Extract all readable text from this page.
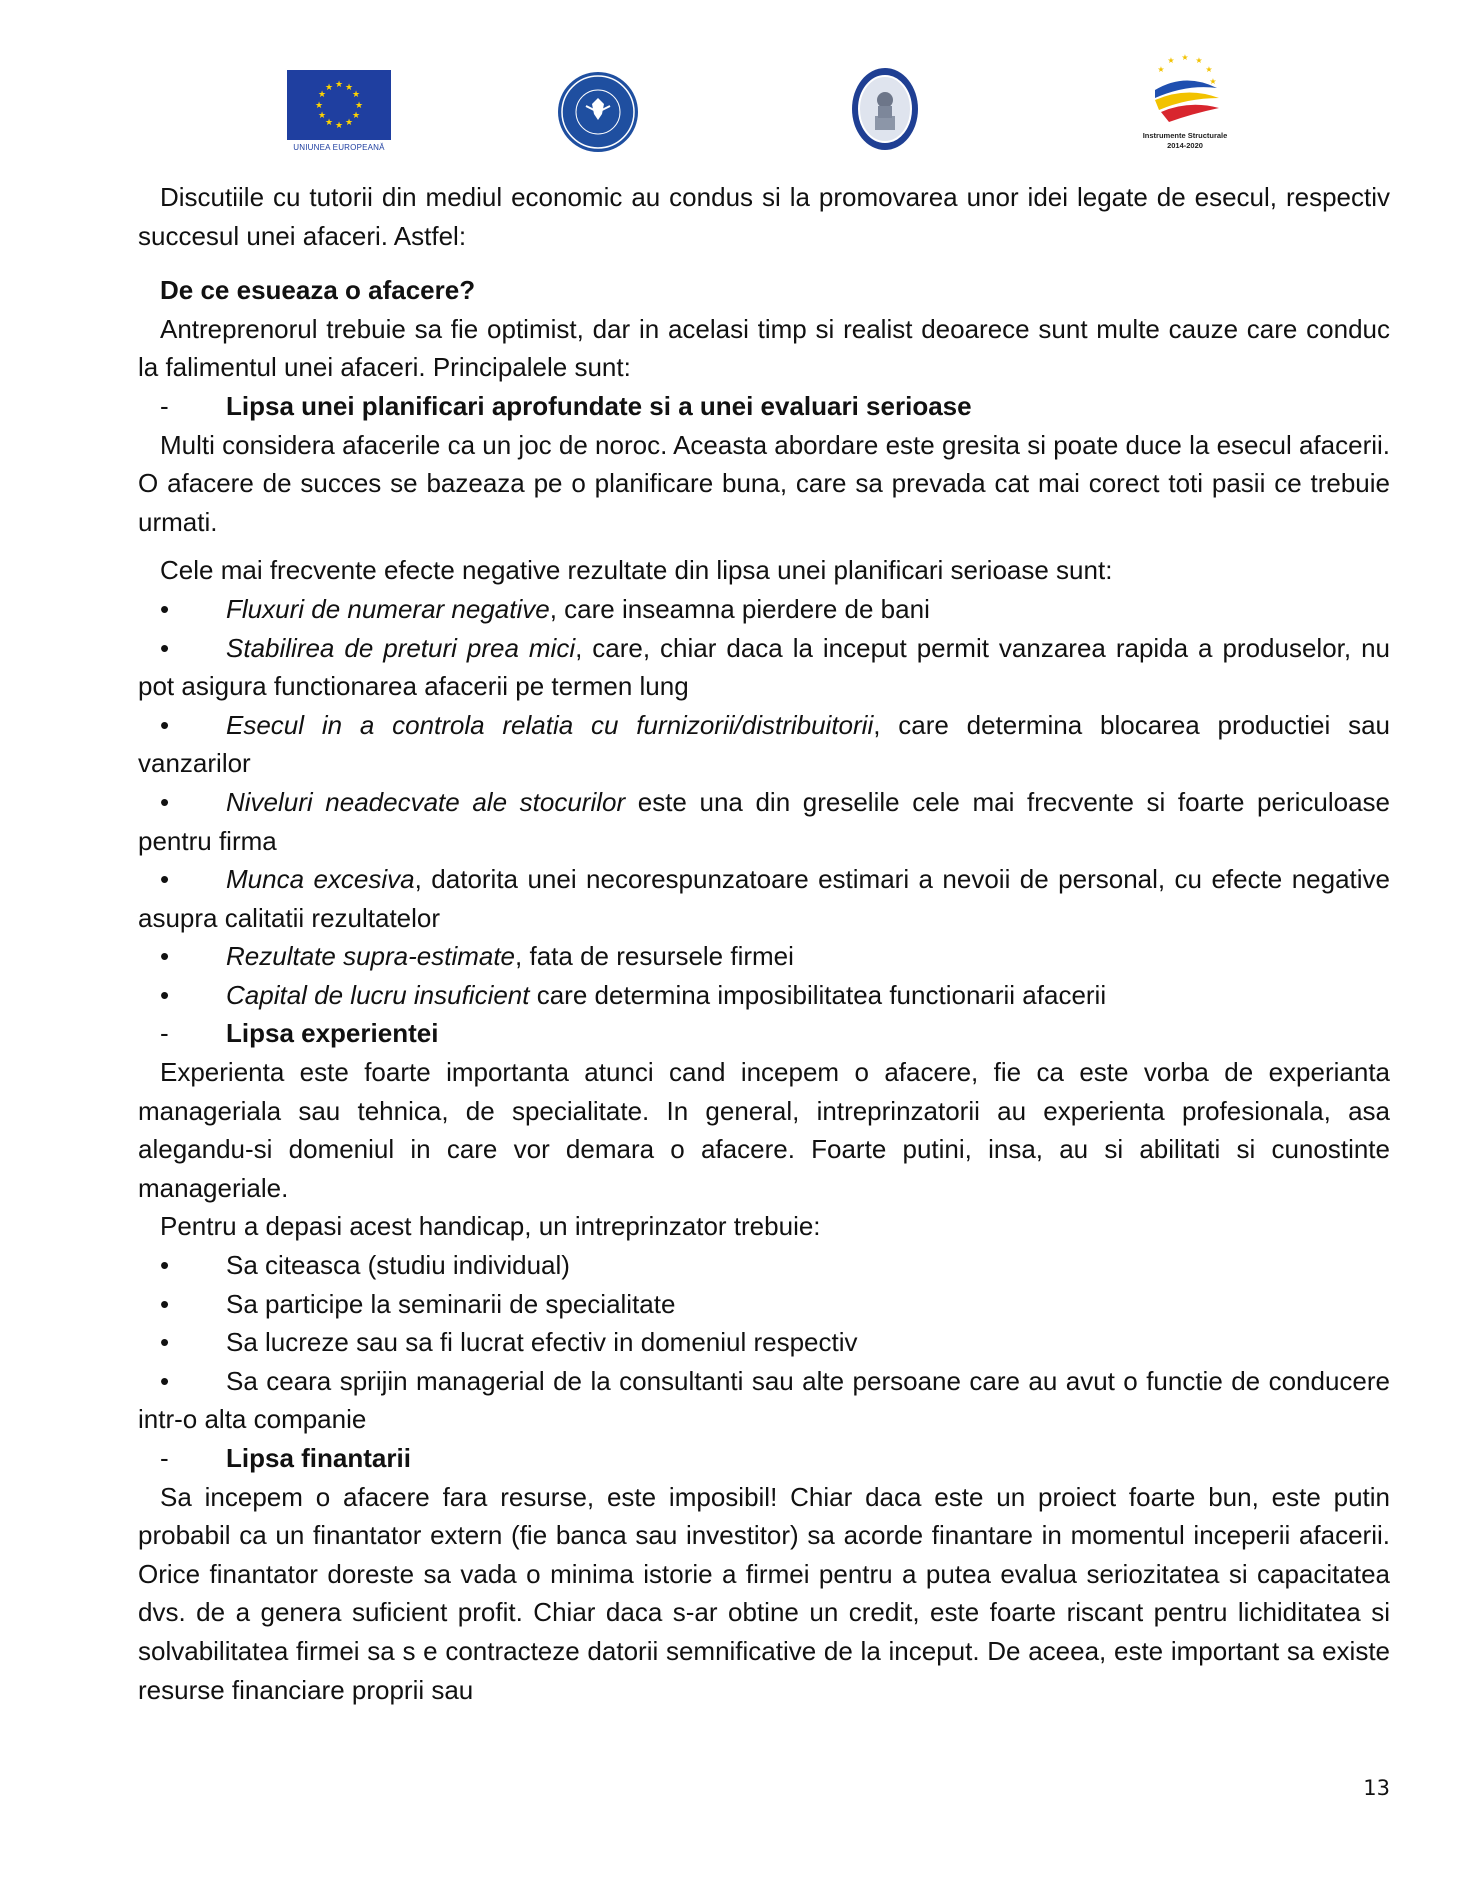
★ ★
★
★
★
★
★
★
★
★
★
★
UNIUNEA EUROPEANĂ
★ ★
★
★
★
★
Instrumente Structurale
2014-2020

Discutiile cu tutorii din mediul economic au condus si la promovarea unor idei legate de esecul, respectiv succesul unei afaceri. Astfel:

De ce esueaza o afacere?

Antreprenorul trebuie sa fie optimist, dar in acelasi timp si realist deoarece sunt multe cauze care conduc la falimentul unei afaceri. Principalele sunt:

-	Lipsa unei planificari aprofundate si a unei evaluari serioase

Multi considera afacerile ca un joc de noroc. Aceasta abordare este gresita si poate duce la esecul afacerii. O afacere de succes se bazeaza pe o planificare buna, care sa prevada cat mai corect toti pasii ce trebuie urmati.

Cele mai frecvente efecte negative rezultate din lipsa unei planificari serioase sunt:

• Fluxuri de numerar negative, care inseamna pierdere de bani

• Stabilirea de preturi prea mici, care, chiar daca la inceput permit vanzarea rapida a produselor, nu pot asigura functionarea afacerii pe termen lung

• Esecul in a controla relatia cu furnizorii/distribuitorii, care determina blocarea productiei sau vanzarilor

• Niveluri neadecvate ale stocurilor este una din greselile cele mai frecvente si foarte periculoase pentru firma

• Munca excesiva, datorita unei necorespunzatoare estimari a nevoii de personal, cu efecte negative asupra calitatii rezultatelor

• Rezultate supra-estimate, fata de resursele firmei

• Capital de lucru insuficient care determina imposibilitatea functionarii afacerii

-	Lipsa experientei

Experienta este foarte importanta atunci cand incepem o afacere, fie ca este vorba de experianta manageriala sau tehnica, de specialitate. In general, intreprinzatorii au experienta profesionala, asa alegandu-si domeniul in care vor demara o afacere. Foarte putini, insa, au si abilitati si cunostinte manageriale.

Pentru a depasi acest handicap, un intreprinzator trebuie:

• Sa citeasca (studiu individual)

• Sa participe la seminarii de specialitate

• Sa lucreze sau sa fi lucrat efectiv in domeniul respectiv

• Sa ceara sprijin managerial de la consultanti sau alte persoane care au avut o functie de conducere intr-o alta companie

-	Lipsa finantarii

Sa incepem o afacere fara resurse, este imposibil! Chiar daca este un proiect foarte bun, este putin probabil ca un finantator extern (fie banca sau investitor) sa acorde finantare in momentul inceperii afacerii. Orice finantator doreste sa vada o minima istorie a firmei pentru a putea evalua seriozitatea si capacitatea dvs. de a genera suficient profit. Chiar daca s-ar obtine un credit, este foarte riscant pentru lichiditatea si solvabilitatea firmei sa s e contracteze datorii semnificative de la inceput. De aceea, este important sa existe resurse financiare proprii sau

13
